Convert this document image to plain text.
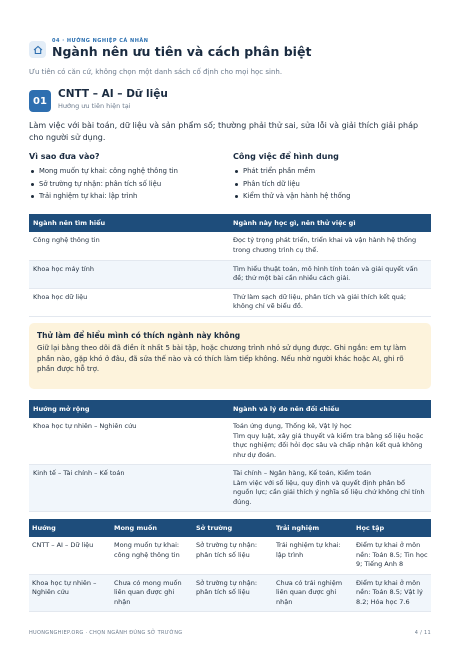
04 · HƯỚNG NGHIỆP CÁ NHÂN
Ngành nên ưu tiên và cách phân biệt
Ưu tiên có căn cứ, không chọn một danh sách cố định cho mọi học sinh.
01
CNTT – AI – Dữ liệu
Hướng ưu tiên hiện tại
Làm việc với bài toán, dữ liệu và sản phẩm số; thường phải thử sai, sửa lỗi và giải thích giải pháp cho người sử dụng.
Vì sao đưa vào?
Mong muốn tự khai: công nghệ thông tin
Sở trường tự nhận: phân tích số liệu
Trải nghiệm tự khai: lập trình
Công việc để hình dung
Phát triển phần mềm
Phân tích dữ liệu
Kiểm thử và vận hành hệ thống
Ngành nên tìm hiểu	Ngành này học gì, nên thử việc gì
Công nghệ thông tin	Đọc tỷ trọng phát triển, triển khai và vận hành hệ thống trong chương trình cụ thể.
Khoa học máy tính	Tìm hiểu thuật toán, mô hình tính toán và giải quyết vấn đề; thử một bài cần nhiều cách giải.
Khoa học dữ liệu	Thử làm sạch dữ liệu, phân tích và giải thích kết quả; không chỉ vẽ biểu đồ.
Thử làm để hiểu mình có thích ngành này không
Giữ lại bằng theo dõi đã điền ít nhất 5 bài tập, hoặc chương trình nhỏ sử dụng được. Ghi ngắn: em tự làm phần nào, gặp khó ở đâu, đã sửa thế nào và có thích làm tiếp không. Nếu nhờ người khác hoặc AI, ghi rõ phần được hỗ trợ.
Hướng mở rộng	Ngành và lý do nên đối chiếu
Khoa học tự nhiên – Nghiên cứu	Toán ứng dụng, Thống kê, Vật lý học
Tìm quy luật, xây giả thuyết và kiểm tra bằng số liệu hoặc thực nghiệm; đối hỏi đọc sâu và chấp nhận kết quả không như dự đoán.
Kinh tế – Tài chính – Kế toán	Tài chính – Ngân hàng, Kế toán, Kiểm toán
Làm việc với số liệu, quy định và quyết định phân bổ nguồn lực; cần giải thích ý nghĩa số liệu chứ không chỉ tính đúng.
Hướng	Mong muốn	Sở trường	Trải nghiệm	Học tập
CNTT – AI – Dữ liệu	Mong muốn tự khai: công nghệ thông tin	Sở trường tự nhận: phân tích số liệu	Trải nghiệm tự khai: lập trình	Điểm tự khai ở môn nền: Toán 8.5; Tin học 9; Tiếng Anh 8
Khoa học tự nhiên – Nghiên cứu	Chưa có mong muốn liên quan được ghi nhận	Sở trường tự nhận: phân tích số liệu	Chưa có trải nghiệm liên quan được ghi nhận	Điểm tự khai ở môn nền: Toán 8.5; Vật lý 8.2; Hóa học 7.6
HUONGNGHIEP.ORG · CHỌN NGÀNH ĐÚNG SỞ TRƯỜNG	4 / 11
